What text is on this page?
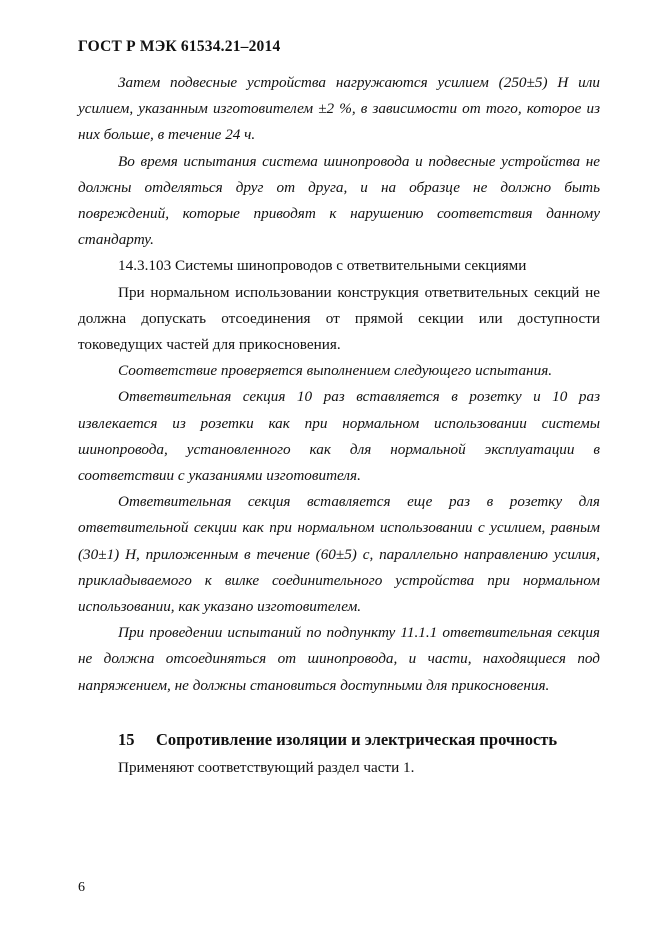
ГОСТ Р МЭК 61534.21–2014

Затем подвесные устройства нагружаются усилием (250±5) Н или усилием, указанным изготовителем ±2 %, в зависимости от того, которое из них больше, в течение 24 ч.

Во время испытания система шинопровода и подвесные устройства не должны отделяться друг от друга, и на образце не должно быть повреждений, которые приводят к нарушению соответствия данному стандарту.

14.3.103 Системы шинопроводов с ответвительными секциями

При нормальном использовании конструкция ответвительных секций не должна допускать отсоединения от прямой секции или доступности токоведущих частей для прикосновения.

Соответствие проверяется выполнением следующего испытания.

Ответвительная секция 10 раз вставляется в розетку и 10 раз извлекается из розетки как при нормальном использовании системы шинопровода, установленного как для нормальной эксплуатации в соответствии с указаниями изготовителя.

Ответвительная секция вставляется еще раз в розетку для ответвительной секции как при нормальном использовании с усилием, равным (30±1) Н, приложенным в течение (60±5) с, параллельно направлению усилия, прикладываемого к вилке соединительного устройства при нормальном использовании, как указано изготовителем.

При проведении испытаний по подпункту 11.1.1 ответвительная секция не должна отсоединяться от шинопровода, и части, находящиеся под напряжением, не должны становиться доступными для прикосновения.

15 Сопротивление изоляции и электрическая прочность

Применяют соответствующий раздел части 1.

6
